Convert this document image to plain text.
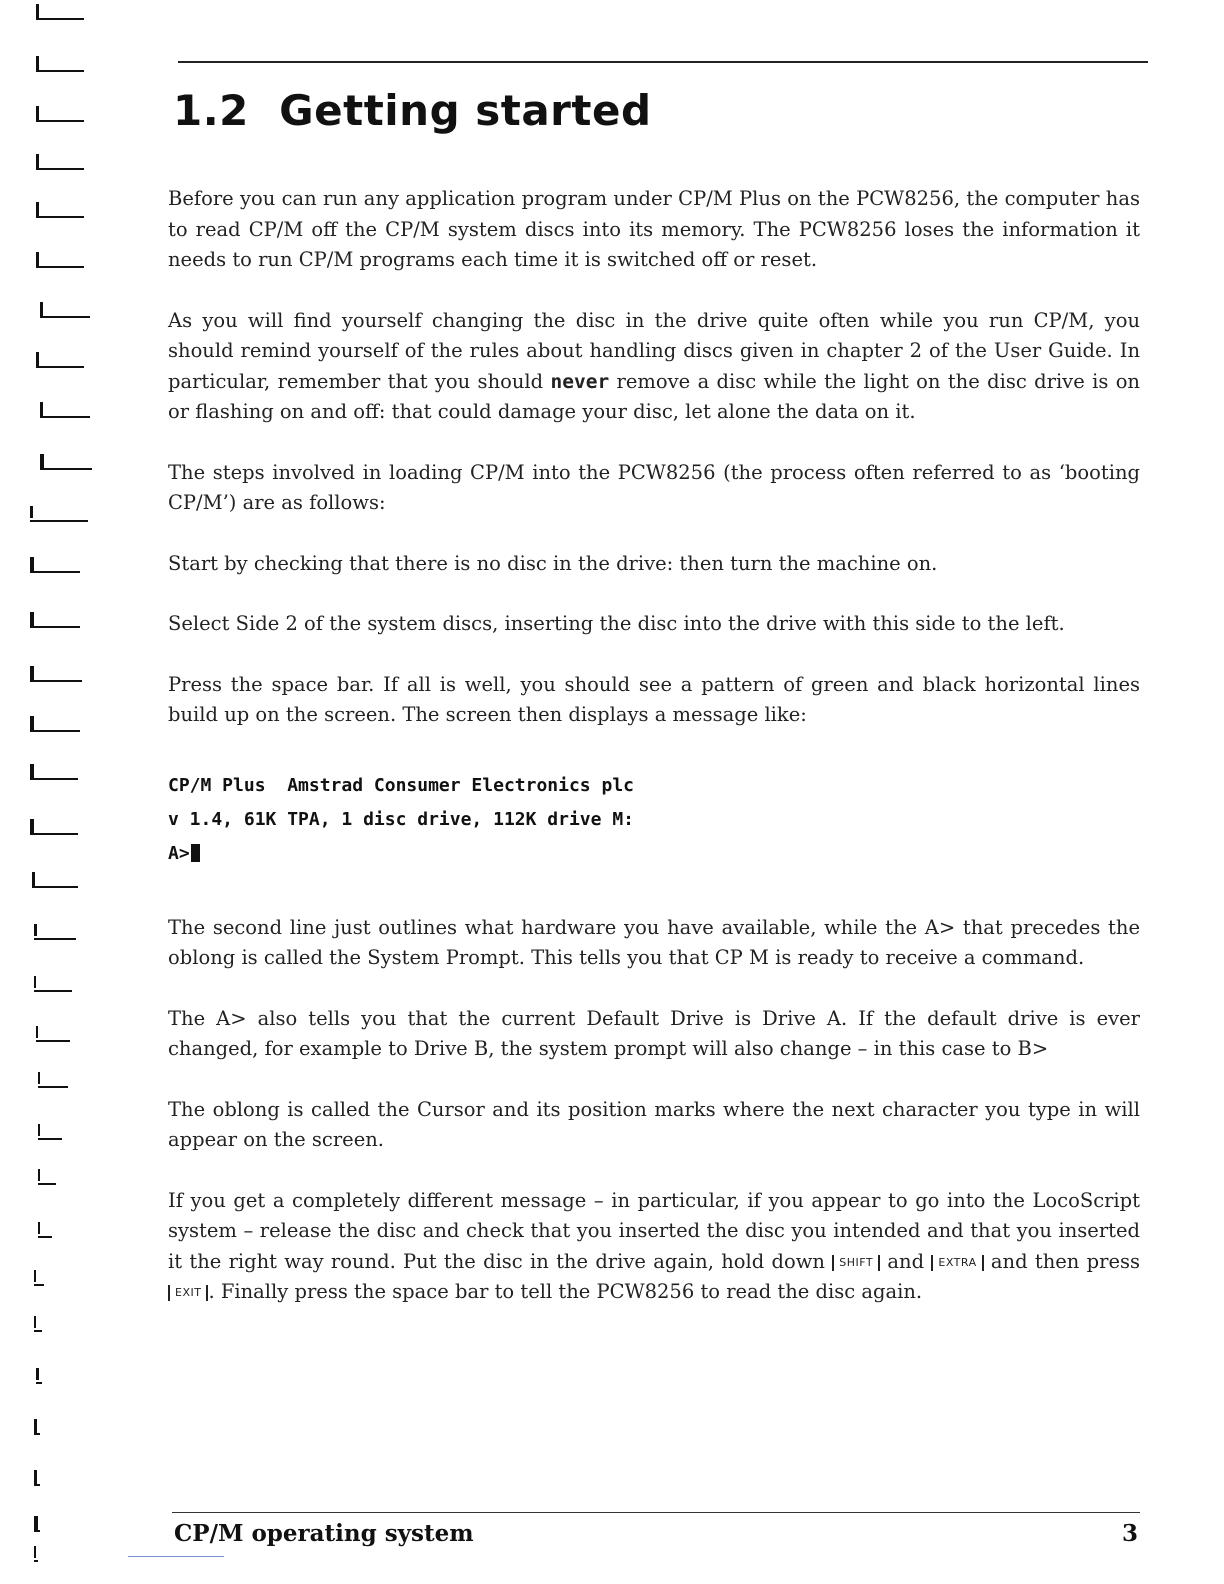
1.2 Getting started

Before you can run any application program under CP/M Plus on the PCW8256, the computer has to read CP/M off the CP/M system discs into its memory. The PCW8256 loses the information it needs to run CP/M programs each time it is switched off or reset.

As you will find yourself changing the disc in the drive quite often while you run CP/M, you should remind yourself of the rules about handling discs given in chapter 2 of the User Guide. In particular, remember that you should never remove a disc while the light on the disc drive is on or flashing on and off: that could damage your disc, let alone the data on it.

The steps involved in loading CP/M into the PCW8256 (the process often referred to as ‘booting CP/M’) are as follows:

Start by checking that there is no disc in the drive: then turn the machine on.

Select Side 2 of the system discs, inserting the disc into the drive with this side to the left.

Press the space bar. If all is well, you should see a pattern of green and black horizontal lines build up on the screen. The screen then displays a message like:

CP/M Plus  Amstrad Consumer Electronics plc
v 1.4, 61K TPA, 1 disc drive, 112K drive M:
A>

The second line just outlines what hardware you have available, while the A> that precedes the oblong is called the System Prompt. This tells you that CP M is ready to receive a command.

The A> also tells you that the current Default Drive is Drive A. If the default drive is ever changed, for example to Drive B, the system prompt will also change – in this case to B>

The oblong is called the Cursor and its position marks where the next character you type in will appear on the screen.

If you get a completely different message – in particular, if you appear to go into the LocoScript system – release the disc and check that you inserted the disc you intended and that you inserted it the right way round. Put the disc in the drive again, hold down SHIFT and EXTRA and then press EXIT . Finally press the space bar to tell the PCW8256 to read the disc again.

CP/M operating system	3
